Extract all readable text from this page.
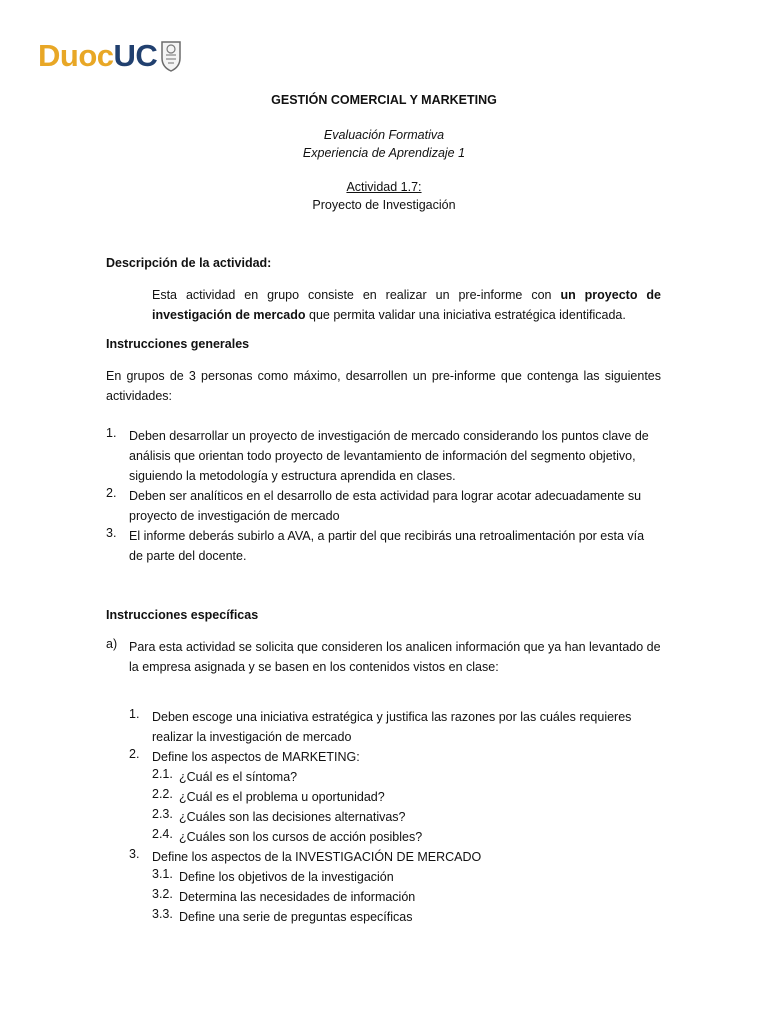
Duoc UC
GESTIÓN COMERCIAL Y MARKETING
Evaluación Formativa
Experiencia de Aprendizaje 1
Actividad 1.7:
Proyecto de Investigación
Descripción de la actividad:
Esta actividad en grupo consiste en realizar un pre-informe con un proyecto de investigación de mercado que permita validar una iniciativa estratégica identificada.
Instrucciones generales
En grupos de 3 personas como máximo, desarrollen un pre-informe que contenga las siguientes actividades:
1. Deben desarrollar un proyecto de investigación de mercado considerando los puntos clave de análisis que orientan todo proyecto de levantamiento de información del segmento objetivo, siguiendo la metodología y estructura aprendida en clases.
2. Deben ser analíticos en el desarrollo de esta actividad para lograr acotar adecuadamente su proyecto de investigación de mercado
3. El informe deberás subirlo a AVA, a partir del que recibirás una retroalimentación por esta vía de parte del docente.
Instrucciones específicas
a) Para esta actividad se solicita que consideren los analicen información que ya han levantado de la empresa asignada y se basen en los contenidos vistos en clase:
1. Deben escoge una iniciativa estratégica y justifica las razones por las cuáles requieres realizar la investigación de mercado
2. Define los aspectos de MARKETING:
2.1. ¿Cuál es el síntoma?
2.2. ¿Cuál es el problema u oportunidad?
2.3. ¿Cuáles son las decisiones alternativas?
2.4. ¿Cuáles son los cursos de acción posibles?
3. Define los aspectos de la INVESTIGACIÓN DE MERCADO
3.1. Define los objetivos de la investigación
3.2. Determina las necesidades de información
3.3. Define una serie de preguntas específicas
